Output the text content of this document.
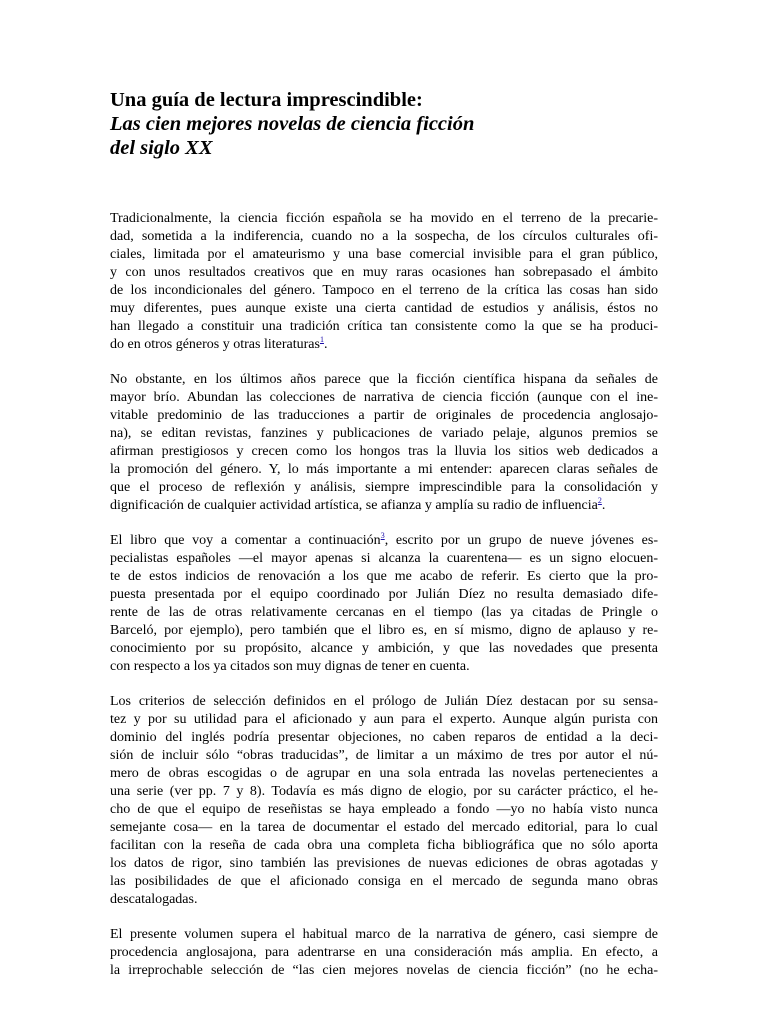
Una guía de lectura imprescindible:
Las cien mejores novelas de ciencia ficción
del siglo XX

Tradicionalmente, la ciencia ficción española se ha movido en el terreno de la precarie-
dad, sometida a la indiferencia, cuando no a la sospecha, de los círculos culturales ofi-
ciales, limitada por el amateurismo y una base comercial invisible para el gran público,
y con unos resultados creativos que en muy raras ocasiones han sobrepasado el ámbito
de los incondicionales del género. Tampoco en el terreno de la crítica las cosas han sido
muy diferentes, pues aunque existe una cierta cantidad de estudios y análisis, éstos no
han llegado a constituir una tradición crítica tan consistente como la que se ha produci-
do en otros géneros y otras literaturas$^1$.

No obstante, en los últimos años parece que la ficción científica hispana da señales de
mayor brío. Abundan las colecciones de narrativa de ciencia ficción (aunque con el ine-
vitable predominio de las traducciones a partir de originales de procedencia anglosajo-
na), se editan revistas, fanzines y publicaciones de variado pelaje, algunos premios se
afirman prestigiosos y crecen como los hongos tras la lluvia los sitios web dedicados a
la promoción del género. Y, lo más importante a mi entender: aparecen claras señales de
que el proceso de reflexión y análisis, siempre imprescindible para la consolidación y
dignificación de cualquier actividad artística, se afianza y amplía su radio de influencia$^2$.

El libro que voy a comentar a continuación$^3$, escrito por un grupo de nueve jóvenes es-
pecialistas españoles —el mayor apenas si alcanza la cuarentena— es un signo elocuen-
te de estos indicios de renovación a los que me acabo de referir. Es cierto que la pro-
puesta presentada por el equipo coordinado por Julián Díez no resulta demasiado dife-
rente de las de otras relativamente cercanas en el tiempo (las ya citadas de Pringle o
Barceló, por ejemplo), pero también que el libro es, en sí mismo, digno de aplauso y re-
conocimiento por su propósito, alcance y ambición, y que las novedades que presenta
con respecto a los ya citados son muy dignas de tener en cuenta.

Los criterios de selección definidos en el prólogo de Julián Díez destacan por su sensa-
tez y por su utilidad para el aficionado y aun para el experto. Aunque algún purista con
dominio del inglés podría presentar objeciones, no caben reparos de entidad a la deci-
sión de incluir sólo “obras traducidas”, de limitar a un máximo de tres por autor el nú-
mero de obras escogidas o de agrupar en una sola entrada las novelas pertenecientes a
una serie (ver pp. 7 y 8). Todavía es más digno de elogio, por su carácter práctico, el he-
cho de que el equipo de reseñistas se haya empleado a fondo —yo no había visto nunca
semejante cosa— en la tarea de documentar el estado del mercado editorial, para lo cual
facilitan con la reseña de cada obra una completa ficha bibliográfica que no sólo aporta
los datos de rigor, sino también las previsiones de nuevas ediciones de obras agotadas y
las posibilidades de que el aficionado consiga en el mercado de segunda mano obras
descatalogadas.

El presente volumen supera el habitual marco de la narrativa de género, casi siempre de
procedencia anglosajona, para adentrarse en una consideración más amplia. En efecto, a
la irreprochable selección de “las cien mejores novelas de ciencia ficción” (no he echa-
